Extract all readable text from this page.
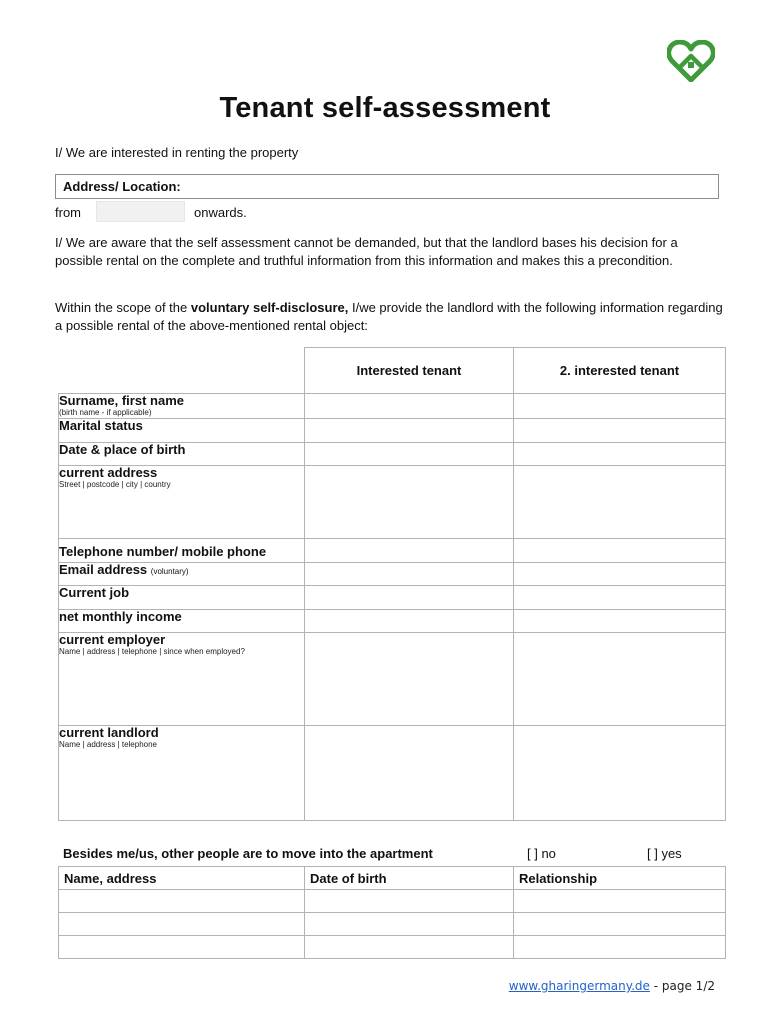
Tenant self-assessment
I/ We are interested in renting the property
Address/ Location:
from	onwards.
I/ We are aware that the self assessment cannot be demanded, but that the landlord bases his decision for a possible rental on the complete and truthful information from this information and makes this a precondition.
Within the scope of the voluntary self-disclosure, I/we provide the landlord with the following information regarding a possible rental of the above-mentioned rental object:
	Interested tenant	2. interested tenant

Surname, first name
(birth name - if applicable)		

Marital status		

Date & place of birth		

current address
Street | postcode | city | country		

Telephone number/ mobile phone		

Email address (voluntary)		

Current job		

net monthly income		

current employer
Name | address | telephone | since when employed?		

current landlord
Name | address | telephone		

Besides me/us, other people are to move into the apartment	[ ] no	[ ] yes
Name, address	Date of birth	Relationship

www.gharingermany.de - page 1/2
